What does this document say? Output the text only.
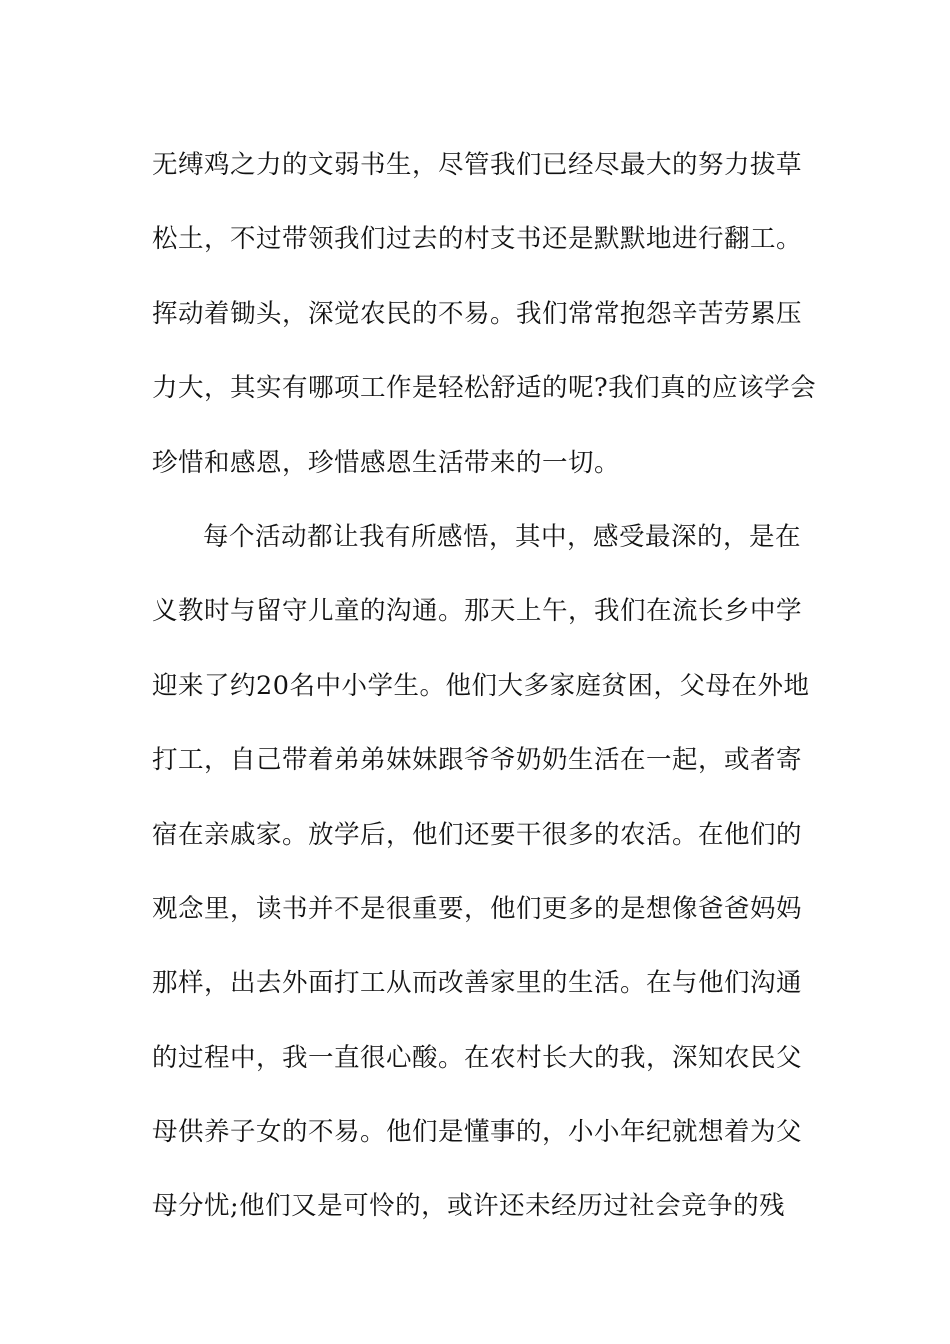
无缚鸡之力的文弱书生，尽管我们已经尽最大的努力拔草
松土，不过带领我们过去的村支书还是默默地进行翻工。
挥动着锄头，深觉农民的不易。我们常常抱怨辛苦劳累压
力大，其实有哪项工作是轻松舒适的呢?我们真的应该学会
珍惜和感恩，珍惜感恩生活带来的一切。
每个活动都让我有所感悟，其中，感受最深的，是在
义教时与留守儿童的沟通。那天上午，我们在流长乡中学
迎来了约20名中小学生。他们大多家庭贫困，父母在外地
打工，自己带着弟弟妹妹跟爷爷奶奶生活在一起，或者寄
宿在亲戚家。放学后，他们还要干很多的农活。在他们的
观念里，读书并不是很重要，他们更多的是想像爸爸妈妈
那样，出去外面打工从而改善家里的生活。在与他们沟通
的过程中，我一直很心酸。在农村长大的我，深知农民父
母供养子女的不易。他们是懂事的，小小年纪就想着为父
母分忧;他们又是可怜的，或许还未经历过社会竞争的残
